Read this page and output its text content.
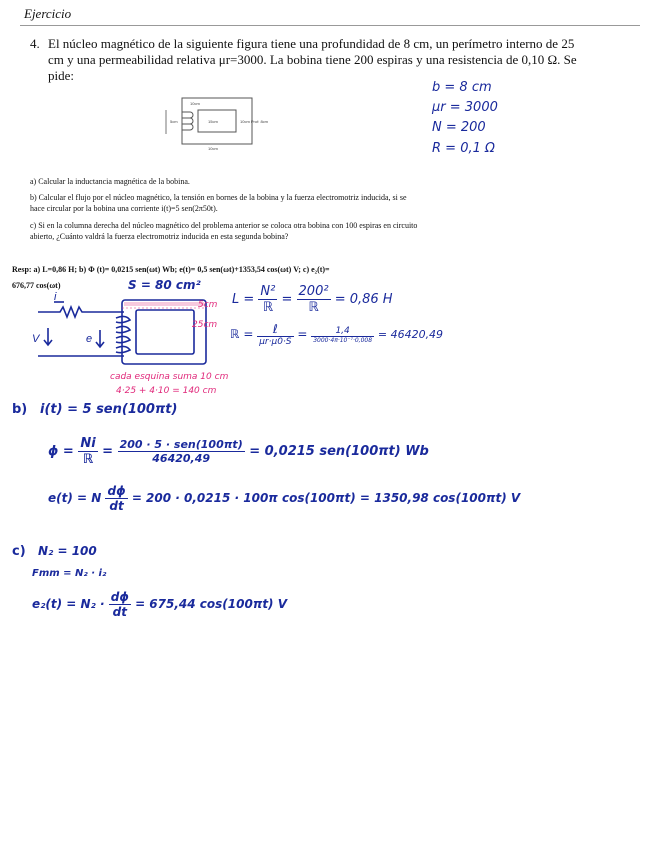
Ejercicio
4. El núcleo magnético de la siguiente figura tiene una profundidad de 8 cm, un perímetro interno de 25 cm y una permeabilidad relativa μr=3000. La bobina tiene 200 espiras y una resistencia de 0,10 Ω. Se pide:
b = 8 cm
μr = 3000
N = 200
R = 0,1 Ω
10cm
15cm
5cm	10cm Prof: 8cm
10cm
a) Calcular la inductancia magnética de la bobina.
b) Calcular el flujo por el núcleo magnético, la tensión en bornes de la bobina y la fuerza electromotriz inducida, si se hace circular por la bobina una corriente i(t)=5 sen(2π50t).
c) Si en la columna derecha del núcleo magnético del problema anterior se coloca otra bobina con 100 espiras en circuito abierto, ¿Cuánto valdrá la fuerza electromotriz inducida en esta segunda bobina?
Resp: a) L=0,86 H; b) Φ (t)= 0,0215 sen(ωt) Wb; e(t)= 0,5 sen(ωt)+1353,54 cos(ωt) V; c) e₂(t)=
676,77 cos(ωt)	S = 80 cm²
i
V	e
5cm
25cm
cada esquina suma 10 cm
4·25 + 4·10 = 140 cm
$L = \frac{\text{N²}}{\text{ℝ}} = \frac{\text{200²}}{\text{ℝ}} = 0,86$ H
ℝ = $\frac{\text{ℓ}}{\mu r\cdot\mu 0\cdot S} = \frac{1,4}{\text{3000·4π·10⁻⁷·0,008}} = 46420,49$
b) i(t) = 5 sen(100πt)
$\phi = \frac{Ni}{\text{ℝ}} = \frac{\text{200 · 5 · sen(100πt)}}{46420,49} = 0,0215$ sen(100πt) Wb
e(t) = N $\frac{d\phi}{dt} = 200 \cdot 0,0215 \cdot 100\pi$ cos(100πt) = 1350,98 cos(100πt) V
c) N₂ = 100
Fmm = N₂ · i₂
$e_2(t) = N_2 \cdot \frac{d\phi}{dt} = 675,44$ cos(100πt) V
